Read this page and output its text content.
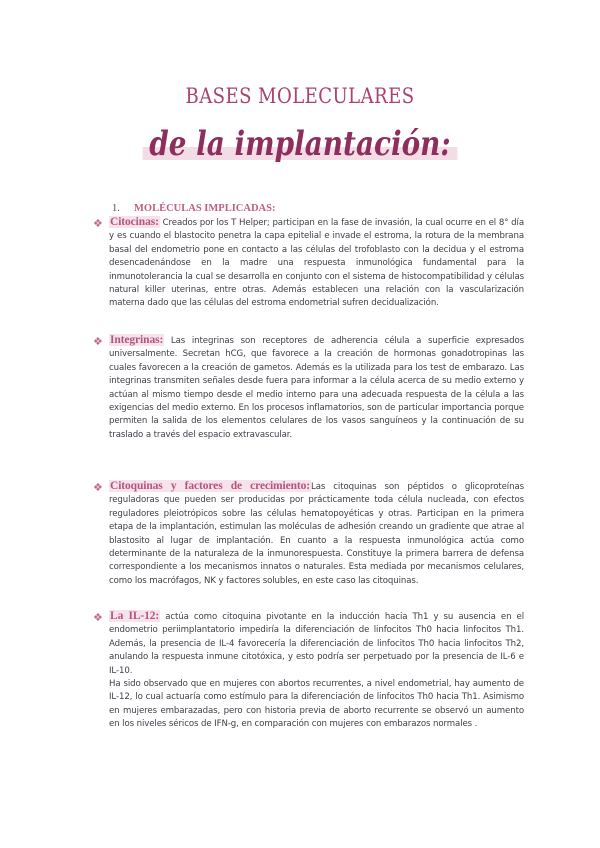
BASES MOLECULARES
de la implantación:
1. MOLÉCULAS IMPLICADAS:
❖ Citocinas: Creados por los T Helper; participan en la fase de invasión, la cual ocurre en el 8° día y es cuando el blastocito penetra la capa epitelial e invade el estroma, la rotura de la membrana basal del endometrio pone en contacto a las células del trofoblasto con la decidua y el estroma desencadenándose en la madre una respuesta inmunológica fundamental para la inmunotolerancia la cual se desarrolla en conjunto con el sistema de histocompatibilidad y células natural killer uterinas, entre otras. Además establecen una relación con la vascularización materna dado que las células del estroma endometrial sufren decidualización.

❖ Integrinas: Las integrinas son receptores de adherencia célula a superficie expresados universalmente. Secretan hCG, que favorece a la creación de hormonas gonadotropinas las cuales favorecen a la creación de gametos. Además es la utilizada para los test de embarazo. Las integrinas transmiten señales desde fuera para informar a la célula acerca de su medio externo y actúan al mismo tiempo desde el medio interno para una adecuada respuesta de la célula a las exigencias del medio externo. En los procesos inflamatorios, son de particular importancia porque permiten la salida de los elementos celulares de los vasos sanguíneos y la continuación de su traslado a través del espacio extravascular.

❖ Citoquinas y factores de crecimiento:Las citoquinas son péptidos o glicoproteínas reguladoras que pueden ser producidas por prácticamente toda célula nucleada, con efectos reguladores pleiotrópicos sobre las células hematopoyéticas y otras. Participan en la primera etapa de la implantación, estimulan las moléculas de adhesión creando un gradiente que atrae al blastosito al lugar de implantación. En cuanto a la respuesta inmunológica actúa como determinante de la naturaleza de la inmunorespuesta. Constituye la primera barrera de defensa correspondiente a los mecanismos innatos o naturales. Esta mediada por mecanismos celulares, como los macrófagos, NK y factores solubles, en este caso las citoquinas.

❖ La IL-12: actúa como citoquina pivotante en la inducción hacia Th1 y su ausencia en el endometrio periimplantatorio impediría la diferenciación de linfocitos Th0 hacia linfocitos Th1. Además, la presencia de IL-4 favorecería la diferenciación de linfocitos Th0 hacia linfocitos Th2, anulando la respuesta inmune citotóxica, y esto podría ser perpetuado por la presencia de IL-6 e IL-10.
Ha sido observado que en mujeres con abortos recurrentes, a nivel endometrial, hay aumento de IL-12, lo cual actuaría como estímulo para la diferenciación de linfocitos Th0 hacia Th1. Asimismo en mujeres embarazadas, pero con historia previa de aborto recurrente se observó un aumento en los niveles séricos de IFN-g, en comparación con mujeres con embarazos normales .
